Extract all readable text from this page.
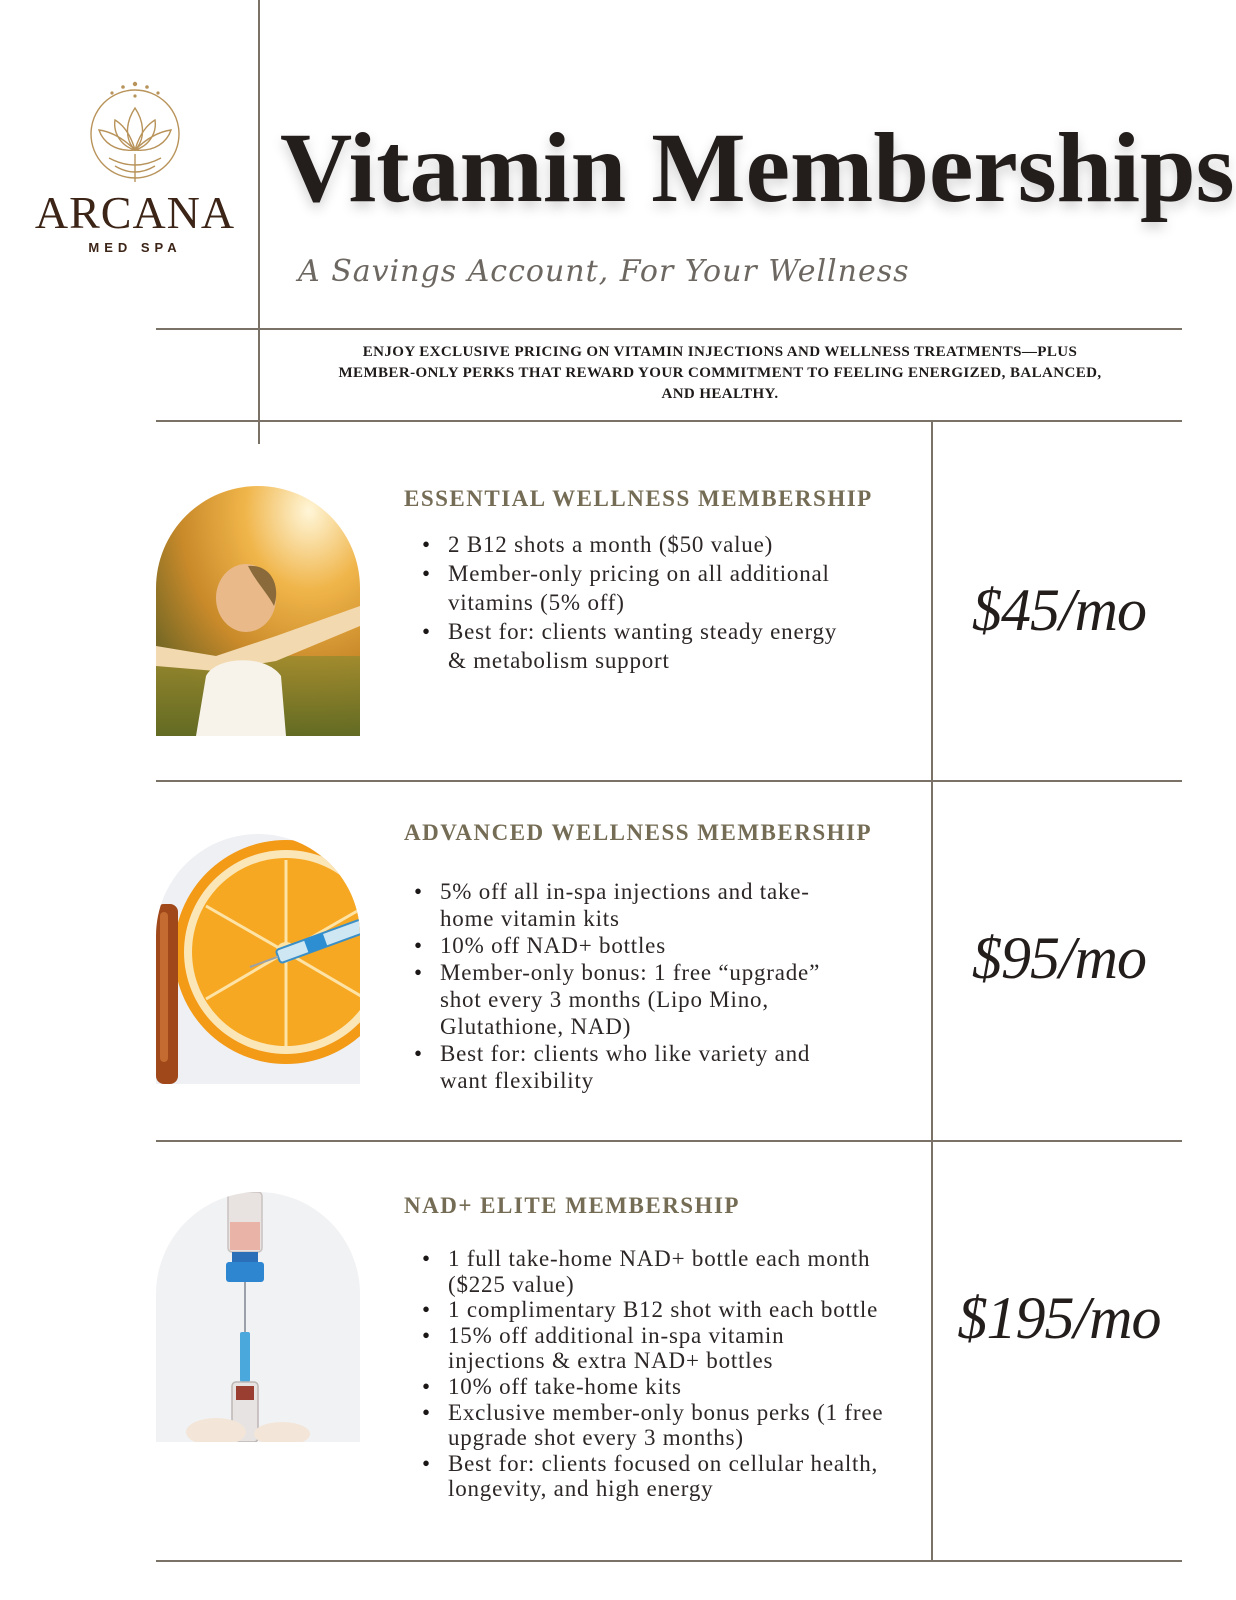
ARCANA
MED SPA
Vitamin Memberships
A Savings Account, For Your Wellness

ENJOY EXCLUSIVE PRICING ON VITAMIN INJECTIONS AND WELLNESS TREATMENTS—PLUS MEMBER-ONLY PERKS THAT REWARD YOUR COMMITMENT TO FEELING ENERGIZED, BALANCED, AND HEALTHY.

ESSENTIAL WELLNESS MEMBERSHIP
• 2 B12 shots a month ($50 value)
• Member-only pricing on all additional vitamins (5% off)
• Best for: clients wanting steady energy & metabolism support
$45/mo
ADVANCED WELLNESS MEMBERSHIP
• 5% off all in-spa injections and take-home vitamin kits
• 10% off NAD+ bottles
• Member-only bonus: 1 free “upgrade” shot every 3 months (Lipo Mino, Glutathione, NAD)
• Best for: clients who like variety and want flexibility
$95/mo
NAD+ ELITE MEMBERSHIP
• 1 full take-home NAD+ bottle each month ($225 value)
• 1 complimentary B12 shot with each bottle
• 15% off additional in-spa vitamin injections & extra NAD+ bottles
• 10% off take-home kits
• Exclusive member-only bonus perks (1 free upgrade shot every 3 months)
• Best for: clients focused on cellular health, longevity, and high energy
$195/mo
